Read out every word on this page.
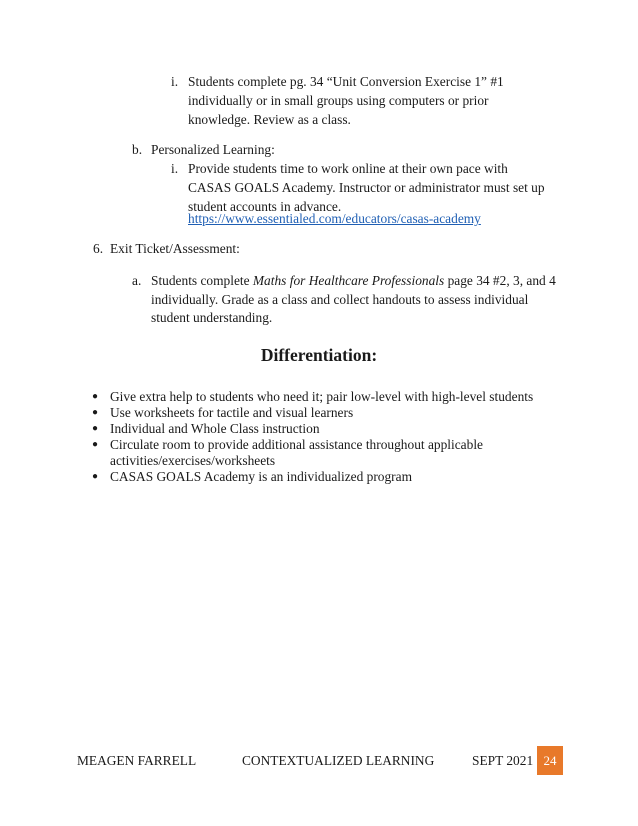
i. Students complete pg. 34 “Unit Conversion Exercise 1” #1
individually or in small groups using computers or prior
knowledge. Review as a class.
b. Personalized Learning:
i. Provide students time to work online at their own pace with
CASAS GOALS Academy. Instructor or administrator must set up
student accounts in advance.
https://www.essentialed.com/educators/casas-academy
6. Exit Ticket/Assessment:
a. Students complete Maths for Healthcare Professionals page 34 #2, 3, and 4
individually. Grade as a class and collect handouts to assess individual
student understanding.
Differentiation:
● Give extra help to students who need it; pair low-level with high-level students
● Use worksheets for tactile and visual learners
● Individual and Whole Class instruction
● Circulate room to provide additional assistance throughout applicable
activities/exercises/worksheets
● CASAS GOALS Academy is an individualized program
MEAGEN FARRELL	CONTEXTUALIZED LEARNING	SEPT 2021 24
